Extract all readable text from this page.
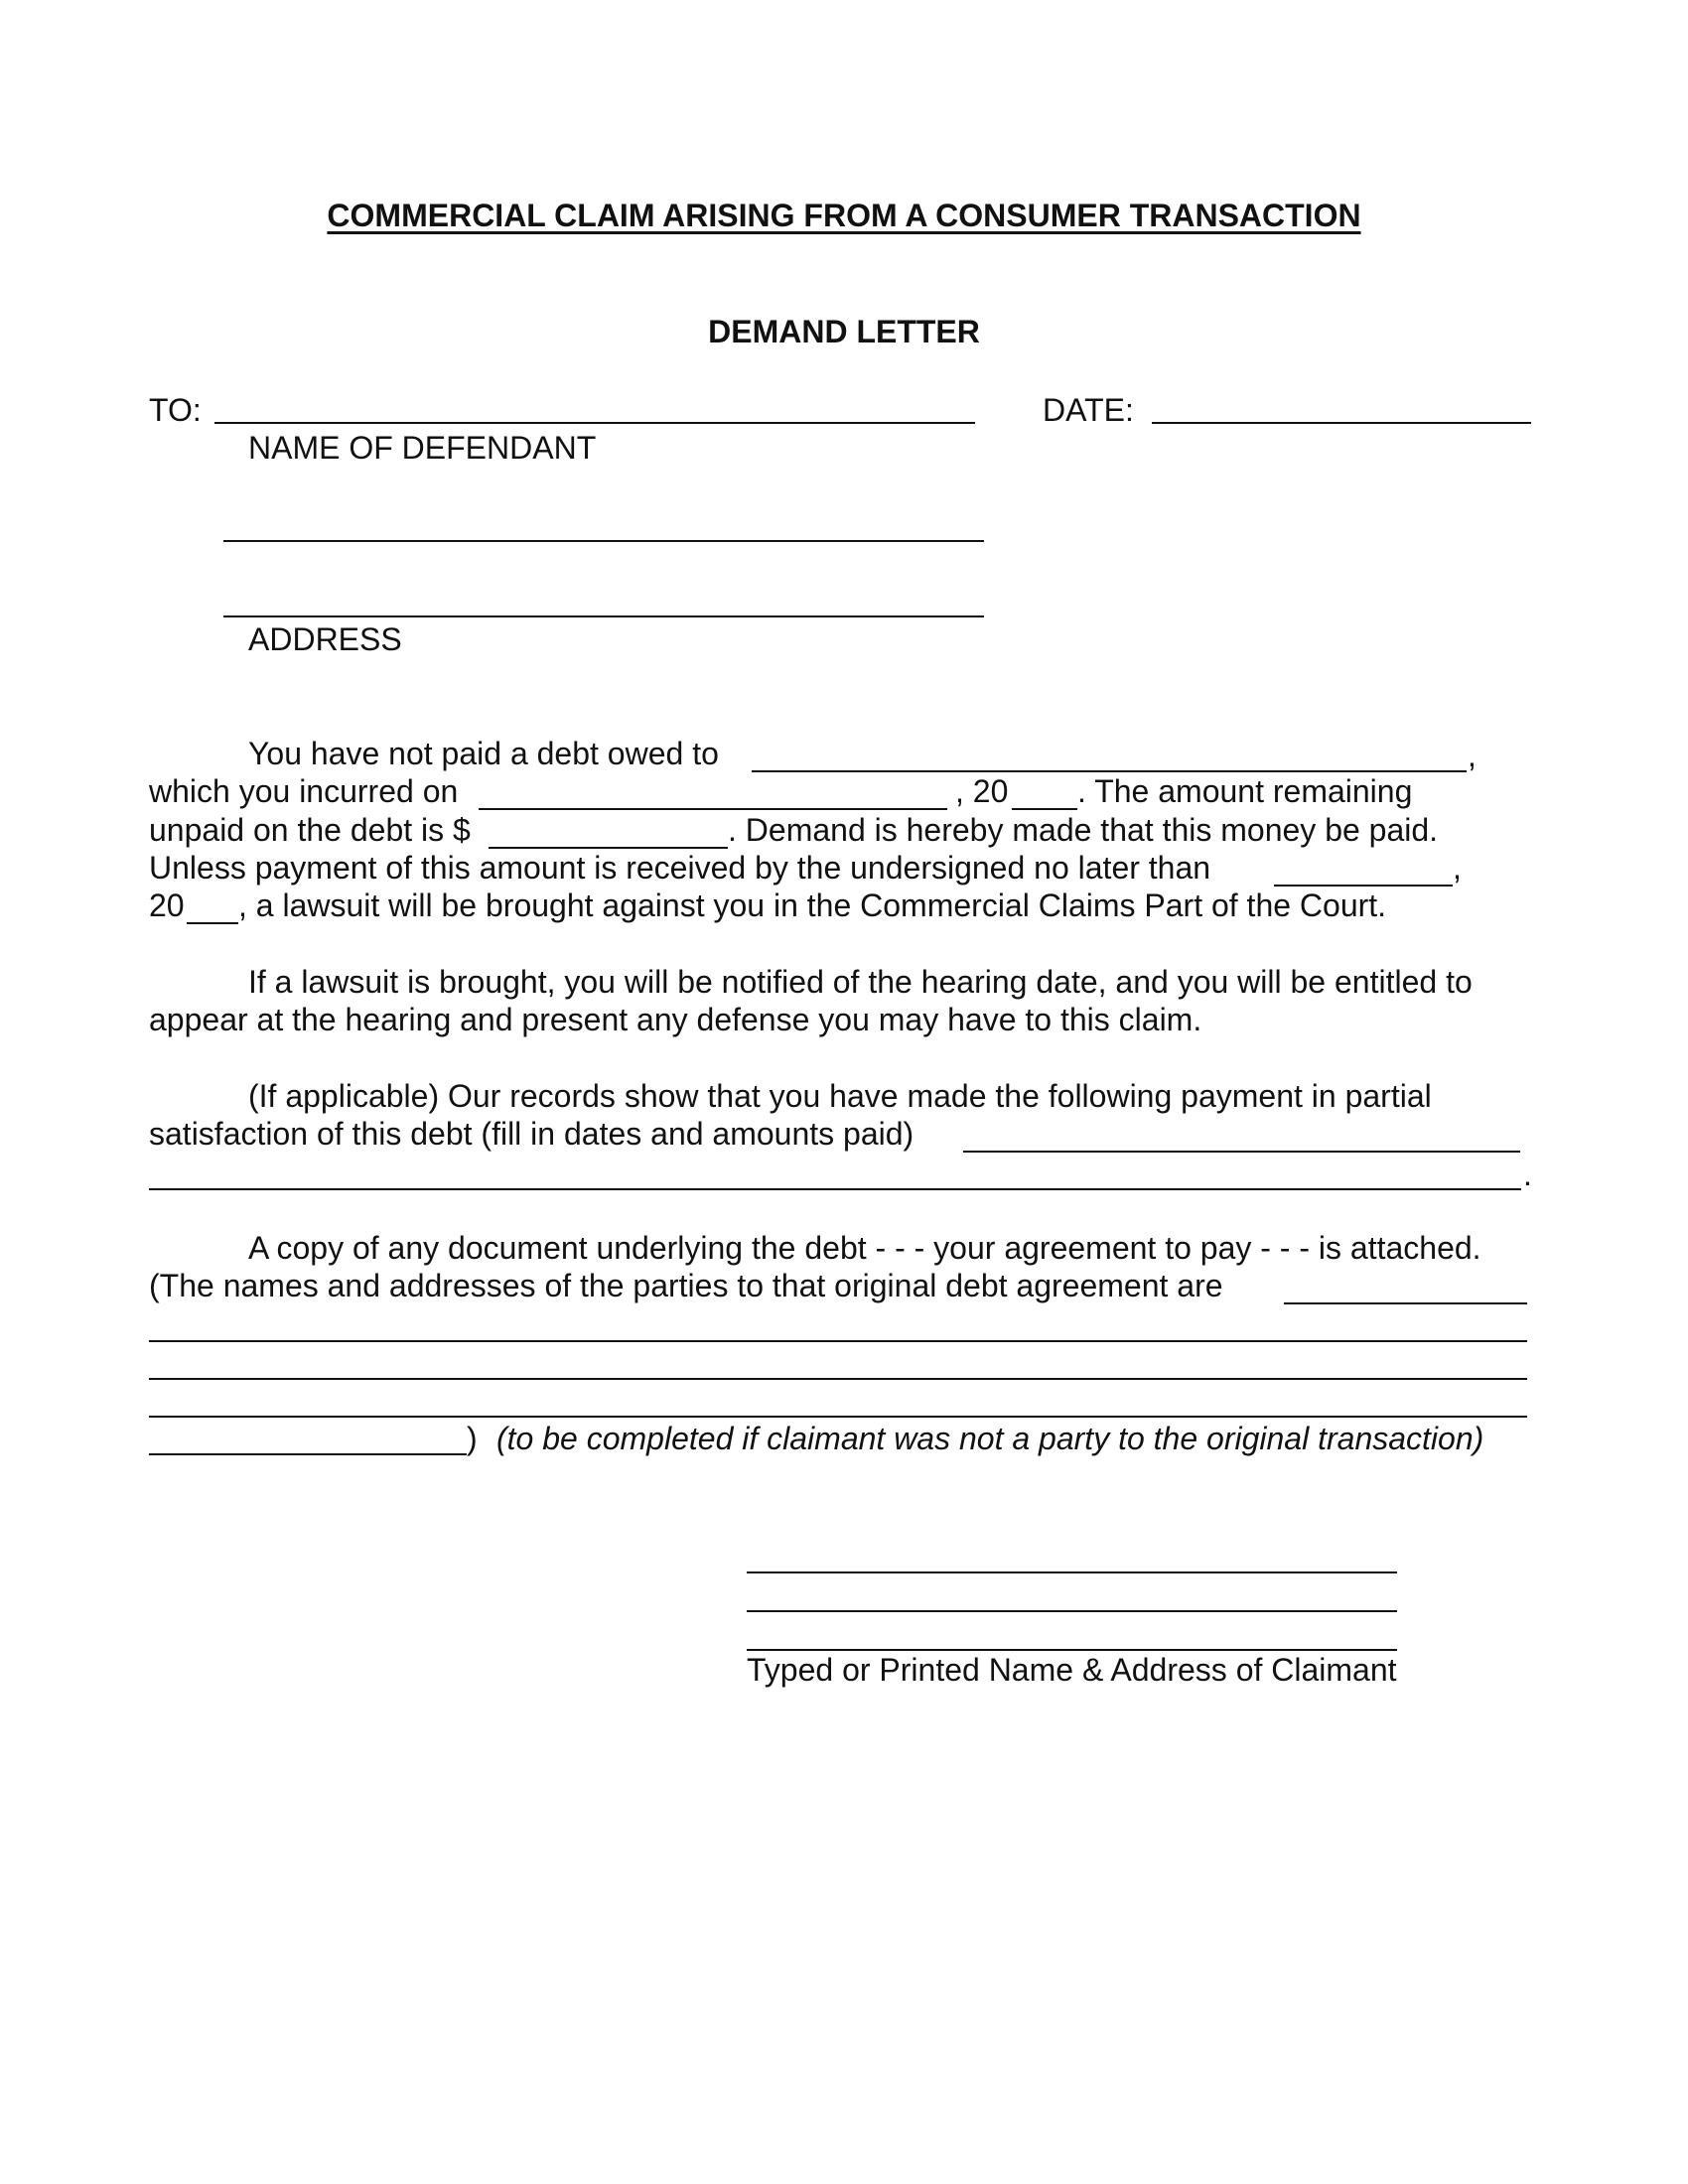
COMMERCIAL CLAIM ARISING FROM A CONSUMER TRANSACTION
DEMAND LETTER
TO:
NAME OF DEFENDANT
DATE:
ADDRESS
You have not paid a debt owed to	,
which you incurred on	, 20 . The amount remaining
unpaid on the debt is $	. Demand is hereby made that this money be paid.
Unless payment of this amount is received by the undersigned no later than	,
20 , a lawsuit will be brought against you in the Commercial Claims Part of the Court.
If a lawsuit is brought, you will be notified of the hearing date, and you will be entitled to
appear at the hearing and present any defense you may have to this claim.
(If applicable) Our records show that you have made the following payment in partial
satisfaction of this debt (fill in dates and amounts paid)
.
A copy of any document underlying the debt - - - your agreement to pay - - - is attached.
(The names and addresses of the parties to that original debt agreement are
) (to be completed if claimant was not a party to the original transaction)
Typed or Printed Name & Address of Claimant
